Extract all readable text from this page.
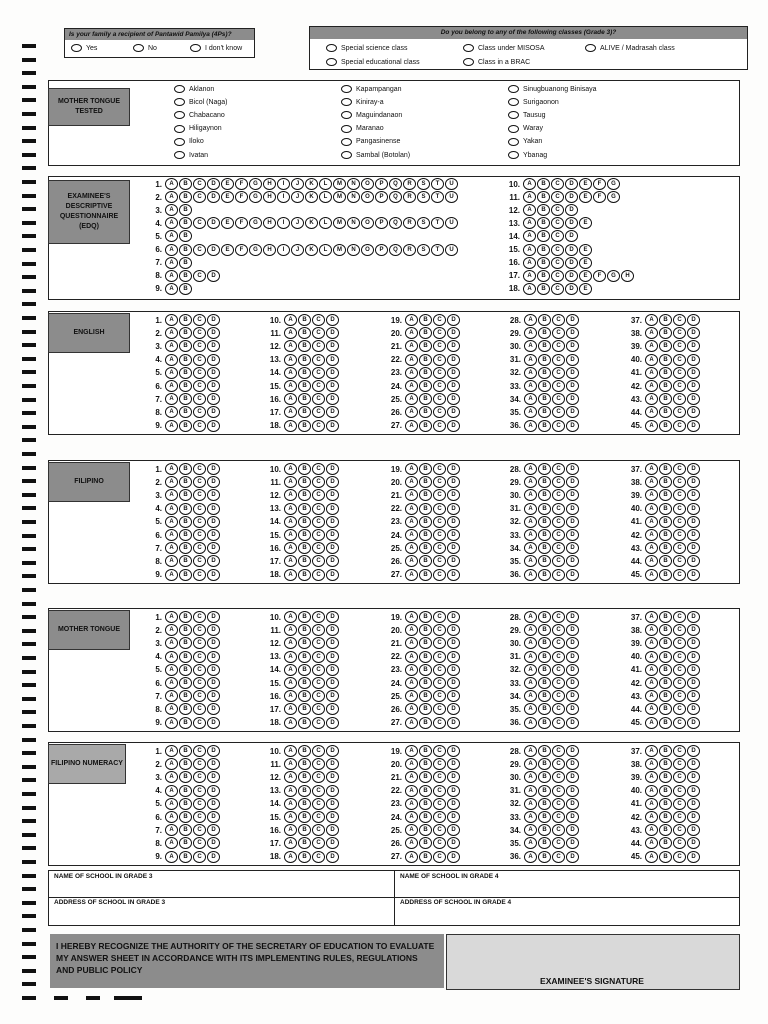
Is your family a recipient of Pantawid Pamilya (4Ps)?
Yes	No	I don't know
Do you belong to any of the following classes (Grade 3)?
Special science class	Class under MISOSA	ALIVE / Madrasah class
Special educational class	Class in a BRAC
MOTHER TONGUE TESTED
Aklanon
Bicol (Naga)
Chabacano
Hiligaynon
Iloko
Ivatan
Kapampangan
Kiniray-a
Maguindanaon
Maranao
Pangasinense
Sambal (Botolan)
Sinugbuanong Binisaya
Surigaonon
Tausug
Waray
Yakan
Ybanag
EXAMINEE'S DESCRIPTIVE QUESTIONNAIRE (EDQ)
1.	A	B	C	D	E	F	G	H	I	J	K	L	M	N	O	P	Q	R	S	T	U
2.	A	B	C	D	E	F	G	H	I	J	K	L	M	N	O	P	Q	R	S	T	U
3.	A	B
4.	A	B	C	D	E	F	G	H	I	J	K	L	M	N	O	P	Q	R	S	T	U
5.	A	B
6.	A	B	C	D	E	F	G	H	I	J	K	L	M	N	O	P	Q	R	S	T	U
7.	A	B
8.	A	B	C	D
9.	A	B
10.	A	B	C	D	E	F	G
11.	A	B	C	D	E	F	G
12.	A	B	C	D
13.	A	B	C	D	E
14.	A	B	C	D
15.	A	B	C	D	E
16.	A	B	C	D	E
17.	A	B	C	D	E	F	G	H
18.	A	B	C	D	E
ENGLISH
1.	A	B	C	D
2.	A	B	C	D
3.	A	B	C	D
4.	A	B	C	D
5.	A	B	C	D
6.	A	B	C	D
7.	A	B	C	D
8.	A	B	C	D
9.	A	B	C	D
10.	A	B	C	D
11.	A	B	C	D
12.	A	B	C	D
13.	A	B	C	D
14.	A	B	C	D
15.	A	B	C	D
16.	A	B	C	D
17.	A	B	C	D
18.	A	B	C	D
19.	A	B	C	D
20.	A	B	C	D
21.	A	B	C	D
22.	A	B	C	D
23.	A	B	C	D
24.	A	B	C	D
25.	A	B	C	D
26.	A	B	C	D
27.	A	B	C	D
28.	A	B	C	D
29.	A	B	C	D
30.	A	B	C	D
31.	A	B	C	D
32.	A	B	C	D
33.	A	B	C	D
34.	A	B	C	D
35.	A	B	C	D
36.	A	B	C	D
37.	A	B	C	D
38.	A	B	C	D
39.	A	B	C	D
40.	A	B	C	D
41.	A	B	C	D
42.	A	B	C	D
43.	A	B	C	D
44.	A	B	C	D
45.	A	B	C	D
FILIPINO
1.	A	B	C	D
2.	A	B	C	D
3.	A	B	C	D
4.	A	B	C	D
5.	A	B	C	D
6.	A	B	C	D
7.	A	B	C	D
8.	A	B	C	D
9.	A	B	C	D
10.	A	B	C	D
11.	A	B	C	D
12.	A	B	C	D
13.	A	B	C	D
14.	A	B	C	D
15.	A	B	C	D
16.	A	B	C	D
17.	A	B	C	D
18.	A	B	C	D
19.	A	B	C	D
20.	A	B	C	D
21.	A	B	C	D
22.	A	B	C	D
23.	A	B	C	D
24.	A	B	C	D
25.	A	B	C	D
26.	A	B	C	D
27.	A	B	C	D
28.	A	B	C	D
29.	A	B	C	D
30.	A	B	C	D
31.	A	B	C	D
32.	A	B	C	D
33.	A	B	C	D
34.	A	B	C	D
35.	A	B	C	D
36.	A	B	C	D
37.	A	B	C	D
38.	A	B	C	D
39.	A	B	C	D
40.	A	B	C	D
41.	A	B	C	D
42.	A	B	C	D
43.	A	B	C	D
44.	A	B	C	D
45.	A	B	C	D
MOTHER TONGUE
1.	A	B	C	D
2.	A	B	C	D
3.	A	B	C	D
4.	A	B	C	D
5.	A	B	C	D
6.	A	B	C	D
7.	A	B	C	D
8.	A	B	C	D
9.	A	B	C	D
10.	A	B	C	D
11.	A	B	C	D
12.	A	B	C	D
13.	A	B	C	D
14.	A	B	C	D
15.	A	B	C	D
16.	A	B	C	D
17.	A	B	C	D
18.	A	B	C	D
19.	A	B	C	D
20.	A	B	C	D
21.	A	B	C	D
22.	A	B	C	D
23.	A	B	C	D
24.	A	B	C	D
25.	A	B	C	D
26.	A	B	C	D
27.	A	B	C	D
28.	A	B	C	D
29.	A	B	C	D
30.	A	B	C	D
31.	A	B	C	D
32.	A	B	C	D
33.	A	B	C	D
34.	A	B	C	D
35.	A	B	C	D
36.	A	B	C	D
37.	A	B	C	D
38.	A	B	C	D
39.	A	B	C	D
40.	A	B	C	D
41.	A	B	C	D
42.	A	B	C	D
43.	A	B	C	D
44.	A	B	C	D
45.	A	B	C	D
FILIPINO NUMERACY
1.	A	B	C	D
2.	A	B	C	D
3.	A	B	C	D
4.	A	B	C	D
5.	A	B	C	D
6.	A	B	C	D
7.	A	B	C	D
8.	A	B	C	D
9.	A	B	C	D
10.	A	B	C	D
11.	A	B	C	D
12.	A	B	C	D
13.	A	B	C	D
14.	A	B	C	D
15.	A	B	C	D
16.	A	B	C	D
17.	A	B	C	D
18.	A	B	C	D
19.	A	B	C	D
20.	A	B	C	D
21.	A	B	C	D
22.	A	B	C	D
23.	A	B	C	D
24.	A	B	C	D
25.	A	B	C	D
26.	A	B	C	D
27.	A	B	C	D
28.	A	B	C	D
29.	A	B	C	D
30.	A	B	C	D
31.	A	B	C	D
32.	A	B	C	D
33.	A	B	C	D
34.	A	B	C	D
35.	A	B	C	D
36.	A	B	C	D
37.	A	B	C	D
38.	A	B	C	D
39.	A	B	C	D
40.	A	B	C	D
41.	A	B	C	D
42.	A	B	C	D
43.	A	B	C	D
44.	A	B	C	D
45.	A	B	C	D
NAME OF SCHOOL IN GRADE 3	NAME OF SCHOOL IN GRADE 4
ADDRESS OF SCHOOL IN GRADE 3	ADDRESS OF SCHOOL IN GRADE 4
I HEREBY RECOGNIZE THE AUTHORITY OF THE SECRETARY OF EDUCATION TO EVALUATE MY ANSWER SHEET IN ACCORDANCE WITH ITS IMPLEMENTING RULES, REGULATIONS AND PUBLIC POLICY
EXAMINEE'S SIGNATURE
